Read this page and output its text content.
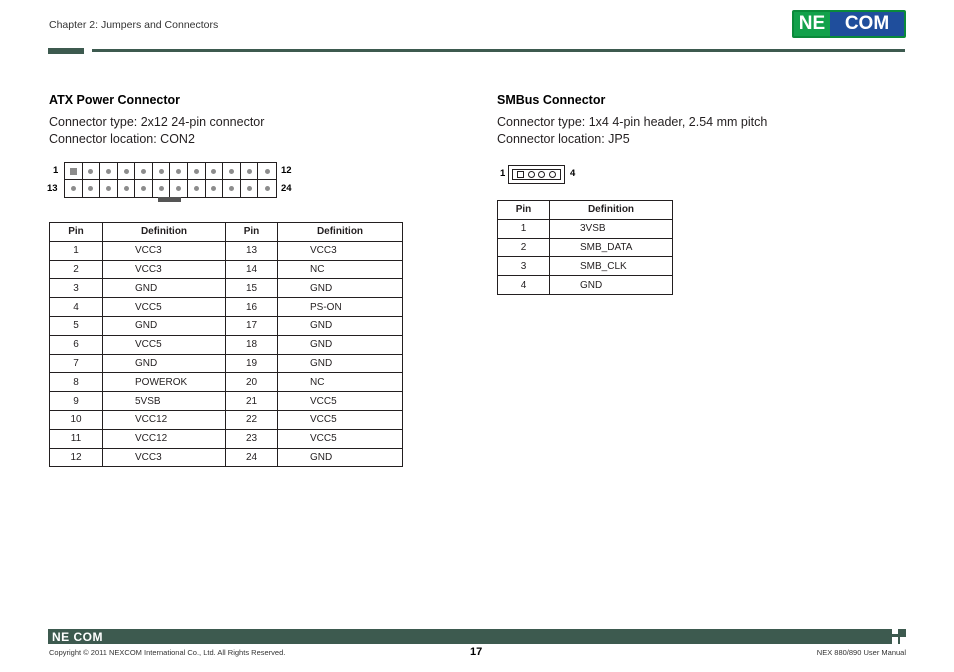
Chapter 2: Jumpers and Connectors	NE	COM
ATX Power Connector
Connector type: 2x12 24-pin connector
Connector location: CON2
1
13
12
24
Pin	Definition	Pin	Definition
1	VCC3	13	VCC3
2	VCC3	14	NC
3	GND	15	GND
4	VCC5	16	PS-ON
5	GND	17	GND
6	VCC5	18	GND
7	GND	19	GND
8	POWEROK	20	NC
9	5VSB	21	VCC5
10	VCC12	22	VCC5
11	VCC12	23	VCC5
12	VCC3	24	GND
SMBus Connector
Connector type: 1x4 4-pin header, 2.54 mm pitch
Connector location: JP5
1	4
Pin	Definition
1	3VSB
2	SMB_DATA
3	SMB_CLK
4	GND
NE COM
Copyright © 2011 NEXCOM International Co., Ltd. All Rights Reserved.	17	NEX 880/890 User Manual
